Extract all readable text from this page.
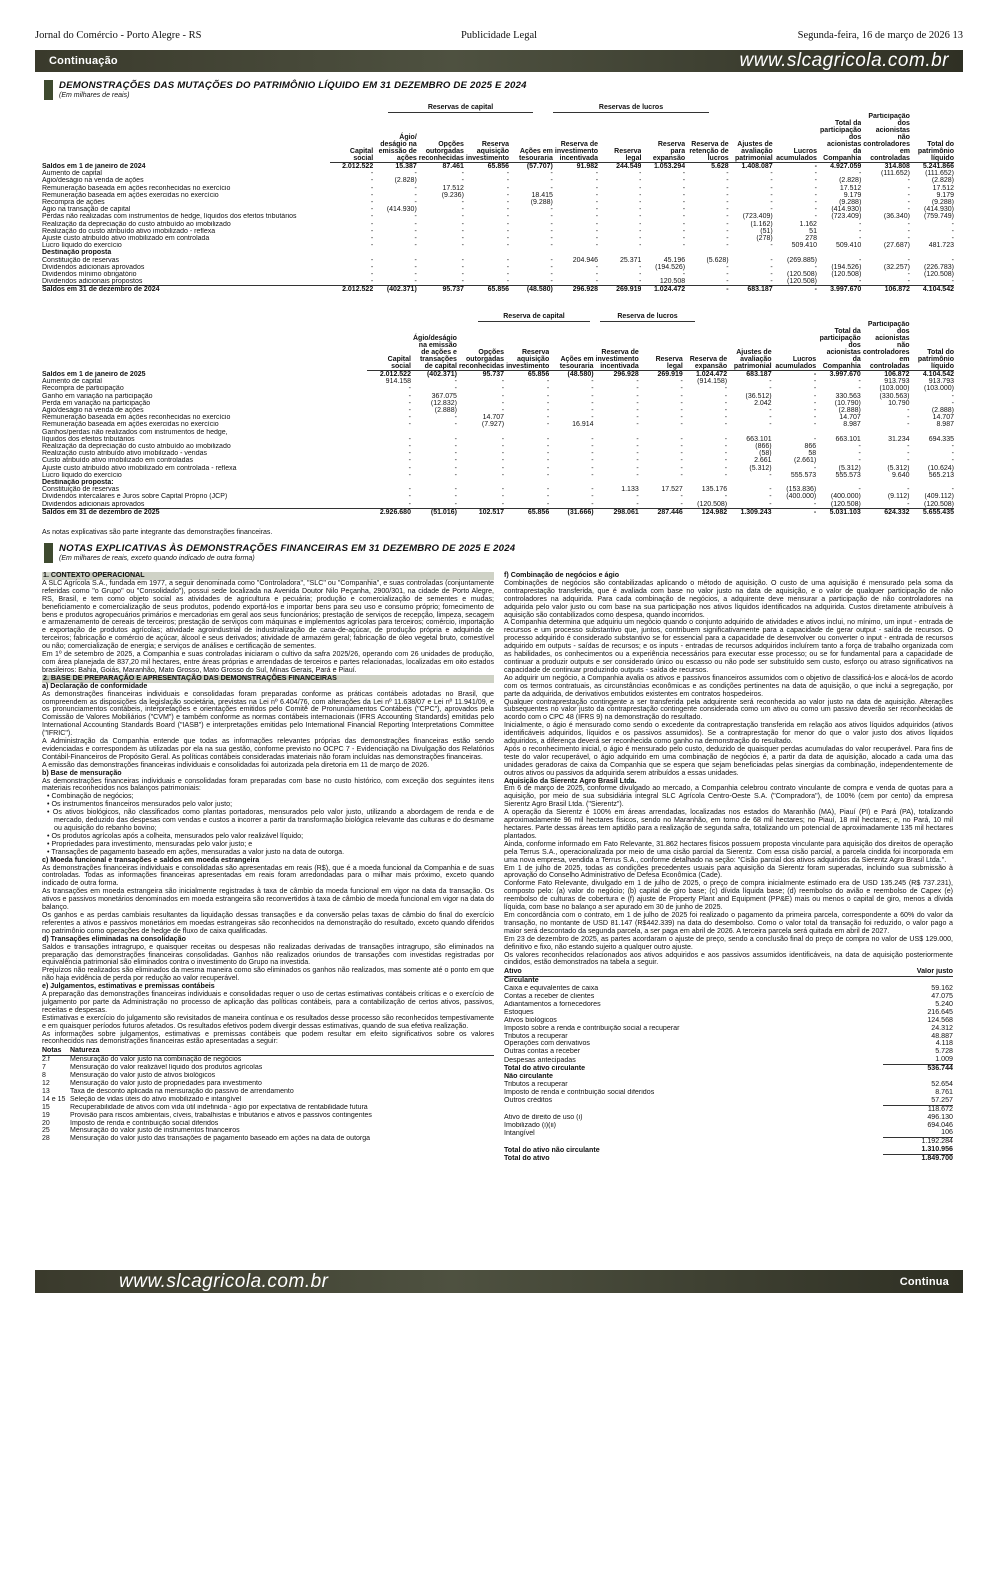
Jornal do Comércio - Porto Alegre - RS	Publicidade Legal	Segunda-feira, 16 de março de 2026 13
Continuação	www.slcagricola.com.br
DEMONSTRAÇÕES DAS MUTAÇÕES DO PATRIMÔNIO LÍQUIDO EM 31 DEZEMBRO DE 2025 E 2024
(Em milhares de reais)
Reservas de capital	Reservas de lucros
	Capital social	Ágio/ deságio na emissão de ações	Opções outorgadas reconhecidas	Reserva aquisição investimento	Ações em tesouraria	Reserva de investimento incentivada	Reserva legal	Reserva para expansão	Reserva de retenção de lucros	Ajustes de avaliação patrimonial	Lucros acumulados	Total da participação dos acionistas da Companhia	Participação dos acionistas não controladores em controladas	Total do patrimônio líquido
Saldos em 1 de janeiro de 2024	2.012.522	15.387	87.461	65.856	(57.707)	91.982	244.549	1.053.294	5.628	1.408.087	-	4.927.059	314.808	5.241.866
Aumento de capital	-	-	-	-	-	-	-	-	-	-	-	-	(111.652)	(111.652)
Ágio/deságio na venda de ações	-	(2.828)	-	-	-	-	-	-	-	-	-	(2.828)	-	(2.828)
Remuneração baseada em ações reconhecidas no exercício	-	-	17.512	-	-	-	-	-	-	-	-	17.512	-	17.512
Remuneração baseada em ações exercidas no exercício	-	-	(9.236)	-	18.415	-	-	-	-	-	-	9.179	-	9.179
Recompra de ações	-	-	-	-	(9.288)	-	-	-	-	-	-	(9.288)	-	(9.288)
Ágio na transação de capital	-	(414.930)	-	-	-	-	-	-	-	-	-	(414.930)	-	(414.930)
Perdas não realizadas com instrumentos de hedge, líquidos dos efeitos tributários	-	-	-	-	-	-	-	-	-	(723.409)	-	(723.409)	(36.340)	(759.749)
Realização da depreciação do custo atribuído ao imobilizado	-	-	-	-	-	-	-	-	-	(1.162)	1.162	-	-	-
Realização do custo atribuído ativo imobilizado - reflexa	-	-	-	-	-	-	-	-	-	(51)	51	-	-	-
Ajuste custo atribuído ativo imobilizado em controlada	-	-	-	-	-	-	-	-	-	(278)	278	-	-	-
Lucro líquido do exercício	-	-	-	-	-	-	-	-	-	-	509.410	509.410	(27.687)	481.723
Destinação proposta														
Constituição de reservas	-	-	-	-	-	204.946	25.371	45.196	(5.628)	-	(269.885)	-	-	-
Dividendos adicionais aprovados	-	-	-	-	-	-	-	(194.526)	-	-	-	(194.526)	(32.257)	(226.783)
Dividendos mínimo obrigatório	-	-	-	-	-	-	-	-	-	-	(120.508)	(120.508)	-	(120.508)
Dividendos adicionais propostos	-	-	-	-	-	-	-	120.508	-	-	(120.508)	-	-	-
Saldos em 31 de dezembro de 2024	2.012.522	(402.371)	95.737	65.856	(48.580)	296.928	269.919	1.024.472	-	683.187	-	3.997.670	106.872	4.104.542
Reserva de capital	Reserva de lucros
	Capital social	Ágio/deságio na emissão de ações e transações de capital	Opções outorgadas reconhecidas	Reserva aquisição investimento	Ações em tesouraria	Reserva de investimento incentivada	Reserva legal	Reserva de expansão	Ajustes de avaliação patrimonial	Lucros acumulados	Total da participação dos acionistas da Companhia	Participação dos acionistas não controladores em controladas	Total do patrimônio líquido
Saldos em 1 de janeiro de 2025	2.012.522	(402.371)	95.737	65.856	(48.580)	296.928	269.919	1.024.472	683.187	-	3.997.670	106.872	4.104.542
Aumento de capital	914.158	-	-	-	-	-	-	(914.158)	-	-	-	913.793	913.793
Recompra de participação	-	-	-	-	-	-	-	-	-	-	-	(103.000)	(103.000)
Ganho em variação na participação	-	367.075	-	-	-	-	-	-	(36.512)	-	330.563	(330.563)	-
Perda em variação na participação	-	(12.832)	-	-	-	-	-	-	2.042	-	(10.790)	10.790	-
Ágio/deságio na venda de ações	-	(2.888)	-	-	-	-	-	-	-	-	(2.888)	-	(2.888)
Remuneração baseada em ações reconhecidas no exercício	-	-	14.707	-	-	-	-	-	-	-	14.707	-	14.707
Remuneração baseada em ações exercidas no exercício	-	-	(7.927)	-	16.914	-	-	-	-	-	8.987	-	8.987
Ganhos/perdas não realizados com instrumentos de hedge,													
líquidos dos efeitos tributários	-	-	-	-	-	-	-	-	663.101	-	663.101	31.234	694.335
Realização da depreciação do custo atribuído ao imobilizado	-	-	-	-	-	-	-	-	(866)	866	-	-	-
Realização custo atribuído ativo imobilizado - vendas	-	-	-	-	-	-	-	-	(58)	58	-	-	-
Custo atribuído ativo imobilizado em controladas	-	-	-	-	-	-	-	-	2.661	(2.661)	-	-	-
Ajuste custo atribuído ativo imobilizado em controlada - reflexa	-	-	-	-	-	-	-	-	(5.312)	-	(5.312)	(5.312)	(10.624)
Lucro líquido do exercício	-	-	-	-	-	-	-	-	-	555.573	555.573	9.640	565.213
Destinação proposta:													
Constituição de reservas	-	-	-	-	-	1.133	17.527	135.176	-	(153.836)	-	-	-
Dividendos intercalares e Juros sobre Capital Próprio (JCP)	-	-	-	-	-	-	-	-	-	(400.000)	(400.000)	(9.112)	(409.112)
Dividendos adicionais aprovados	-	-	-	-	-	-	-	(120.508)	-	-	(120.508)	-	(120.508)
Saldos em 31 de dezembro de 2025	2.926.680	(51.016)	102.517	65.856	(31.666)	298.061	287.446	124.982	1.309.243	-	5.031.103	624.332	5.655.435
As notas explicativas são parte integrante das demonstrações financeiras.
NOTAS EXPLICATIVAS ÀS DEMONSTRAÇÕES FINANCEIRAS EM 31 DEZEMBRO DE 2025 E 2024
(Em milhares de reais, exceto quando indicado de outra forma)

1. CONTEXTO OPERACIONAL

A SLC Agrícola S.A., fundada em 1977, a seguir denominada como "Controladora", "SLC" ou "Companhia", e suas controladas (conjuntamente referidas como "o Grupo" ou "Consolidado"), possui sede localizada na Avenida Doutor Nilo Peçanha, 2900/301, na cidade de Porto Alegre, RS, Brasil, e tem como objeto social as atividades de agricultura e pecuária; produção e comercialização de sementes e mudas; beneficiamento e comercialização de seus produtos, podendo exportá-los e importar bens para seu uso e consumo próprio; fornecimento de bens e produtos agropecuários primários e mercadorias em geral aos seus funcionários; prestação de serviços de recepção, limpeza, secagem e armazenamento de cereais de terceiros; prestação de serviços com máquinas e implementos agrícolas para terceiros; comércio, importação e exportação de produtos agrícolas; atividade agroindustrial de industrialização de cana-de-açúcar, de produção própria e adquirida de terceiros; fabricação e comércio de açúcar, álcool e seus derivados; atividade de armazém geral; fabricação de óleo vegetal bruto, comestível ou não; comercialização de energia; e serviços de análises e certificação de sementes.

Em 1º de setembro de 2025, a Companhia e suas controladas iniciaram o cultivo da safra 2025/26, operando com 26 unidades de produção, com área planejada de 837,20 mil hectares, entre áreas próprias e arrendadas de terceiros e partes relacionadas, localizadas em oito estados brasileiros: Bahia, Goiás, Maranhão, Mato Grosso, Mato Grosso do Sul, Minas Gerais, Pará e Piauí.

2. BASE DE PREPARAÇÃO E APRESENTAÇÃO DAS DEMONSTRAÇÕES FINANCEIRAS

a) Declaração de conformidade

As demonstrações financeiras individuais e consolidadas foram preparadas conforme as práticas contábeis adotadas no Brasil, que compreendem as disposições da legislação societária, previstas na Lei nº 6.404/76, com alterações da Lei nº 11.638/07 e Lei nº 11.941/09, e os pronunciamentos contábeis, interpretações e orientações emitidos pelo Comitê de Pronunciamentos Contábeis ("CPC"), aprovados pela Comissão de Valores Mobiliários ("CVM") e também conforme as normas contábeis internacionais (IFRS Accounting Standards) emitidas pelo International Accounting Standards Board ("IASB") e interpretações emitidas pelo International Financial Reporting Interpretations Committee ("IFRIC").

A Administração da Companhia entende que todas as informações relevantes próprias das demonstrações financeiras estão sendo evidenciadas e correspondem às utilizadas por ela na sua gestão, conforme previsto no OCPC 7 - Evidenciação na Divulgação dos Relatórios Contábil-Financeiros de Propósito Geral. As políticas contábeis consideradas imateriais não foram incluídas nas demonstrações financeiras.

A emissão das demonstrações financeiras individuais e consolidadas foi autorizada pela diretoria em 11 de março de 2026.

b) Base de mensuração

As demonstrações financeiras individuais e consolidadas foram preparadas com base no custo histórico, com exceção dos seguintes itens materiais reconhecidos nos balanços patrimoniais:

• Combinação de negócios;
• Os instrumentos financeiros mensurados pelo valor justo;
• Os ativos biológicos, não classificados como plantas portadoras, mensurados pelo valor justo, utilizando a abordagem de renda e de mercado, deduzido das despesas com vendas e custos a incorrer a partir da transformação biológica relevante das culturas e do desmame ou aquisição do rebanho bovino;
• Os produtos agrícolas após a colheita, mensurados pelo valor realizável líquido;
• Propriedades para investimento, mensuradas pelo valor justo; e
• Transações de pagamento baseado em ações, mensuradas a valor justo na data de outorga.

c) Moeda funcional e transações e saldos em moeda estrangeira

As demonstrações financeiras individuais e consolidadas são apresentadas em reais (R$), que é a moeda funcional da Companhia e de suas controladas. Todas as informações financeiras apresentadas em reais foram arredondadas para o milhar mais próximo, exceto quando indicado de outra forma.

As transações em moeda estrangeira são inicialmente registradas à taxa de câmbio da moeda funcional em vigor na data da transação. Os ativos e passivos monetários denominados em moeda estrangeira são reconvertidos à taxa de câmbio de moeda funcional em vigor na data do balanço.

Os ganhos e as perdas cambiais resultantes da liquidação dessas transações e da conversão pelas taxas de câmbio do final do exercício referentes a ativos e passivos monetários em moedas estrangeiras são reconhecidos na demonstração do resultado, exceto quando diferidos no patrimônio como operações de hedge de fluxo de caixa qualificadas.

d) Transações eliminadas na consolidação

Saldos e transações intragrupo, e quaisquer receitas ou despesas não realizadas derivadas de transações intragrupo, são eliminados na preparação das demonstrações financeiras consolidadas. Ganhos não realizados oriundos de transações com investidas registradas por equivalência patrimonial são eliminados contra o investimento do Grupo na investida.

Prejuízos não realizados são eliminados da mesma maneira como são eliminados os ganhos não realizados, mas somente até o ponto em que não haja evidência de perda por redução ao valor recuperável.

e) Julgamentos, estimativas e premissas contábeis

A preparação das demonstrações financeiras individuais e consolidadas requer o uso de certas estimativas contábeis críticas e o exercício de julgamento por parte da Administração no processo de aplicação das políticas contábeis, para a contabilização de certos ativos, passivos, receitas e despesas.

Estimativas e exercício do julgamento são revisitados de maneira contínua e os resultados desse processo são reconhecidos tempestivamente e em quaisquer períodos futuros afetados. Os resultados efetivos podem divergir dessas estimativas, quando de sua efetiva realização.

As informações sobre julgamentos, estimativas e premissas contábeis que podem resultar em efeito significativos sobre os valores reconhecidos nas demonstrações financeiras estão apresentadas a seguir:

Notas	Natureza
2.f	Mensuração do valor justo na combinação de negócios
7	Mensuração do valor realizável líquido dos produtos agrícolas
8	Mensuração do valor justo de ativos biológicos
12	Mensuração do valor justo de propriedades para investimento
13	Taxa de desconto aplicada na mensuração do passivo de arrendamento
14 e 15	Seleção de vidas úteis do ativo imobilizado e intangível
15	Recuperabilidade de ativos com vida útil indefinida - ágio por expectativa de rentabilidade futura
19	Provisão para riscos ambientais, cíveis, trabalhistas e tributários e ativos e passivos contingentes
20	Imposto de renda e contribuição social diferidos
25	Mensuração do valor justo de instrumentos financeiros
28	Mensuração do valor justo das transações de pagamento baseado em ações na data de outorga

f) Combinação de negócios e ágio

Combinações de negócios são contabilizadas aplicando o método de aquisição. O custo de uma aquisição é mensurado pela soma da contraprestação transferida, que é avaliada com base no valor justo na data de aquisição, e o valor de qualquer participação de não controladores na adquirida. Para cada combinação de negócios, a adquirente deve mensurar a participação de não controladores na adquirida pelo valor justo ou com base na sua participação nos ativos líquidos identificados na adquirida. Custos diretamente atribuíveis à aquisição são contabilizados como despesa, quando incorridos.

A Companhia determina que adquiriu um negócio quando o conjunto adquirido de atividades e ativos inclui, no mínimo, um input - entrada de recursos e um processo substantivo que, juntos, contribuem significativamente para a capacidade de gerar output - saída de recursos. O processo adquirido é considerado substantivo se for essencial para a capacidade de desenvolver ou converter o input - entrada de recursos adquirido em outputs - saídas de recursos; e os inputs - entradas de recursos adquiridos incluírem tanto a força de trabalho organizada com as habilidades, os conhecimentos ou a experiência necessários para executar esse processo; ou se for fundamental para a capacidade de continuar a produzir outputs e ser considerado único ou escasso ou não pode ser substituído sem custo, esforço ou atraso significativos na capacidade de continuar produzindo outputs - saída de recursos.

Ao adquirir um negócio, a Companhia avalia os ativos e passivos financeiros assumidos com o objetivo de classificá-los e alocá-los de acordo com os termos contratuais, as circunstâncias econômicas e as condições pertinentes na data de aquisição, o que inclui a segregação, por parte da adquirida, de derivativos embutidos existentes em contratos hospedeiros.

Qualquer contraprestação contingente a ser transferida pela adquirente será reconhecida ao valor justo na data de aquisição. Alterações subsequentes no valor justo da contraprestação contingente considerada como um ativo ou como um passivo deverão ser reconhecidas de acordo com o CPC 48 (IFRS 9) na demonstração do resultado.

Inicialmente, o ágio é mensurado como sendo o excedente da contraprestação transferida em relação aos ativos líquidos adquiridos (ativos identificáveis adquiridos, líquidos e os passivos assumidos). Se a contraprestação for menor do que o valor justo dos ativos líquidos adquiridos, a diferença deverá ser reconhecida como ganho na demonstração do resultado.

Após o reconhecimento inicial, o ágio é mensurado pelo custo, deduzido de quaisquer perdas acumuladas do valor recuperável. Para fins de teste do valor recuperável, o ágio adquirido em uma combinação de negócios é, a partir da data de aquisição, alocado a cada uma das unidades geradoras de caixa da Companhia que se espera que sejam beneficiadas pelas sinergias da combinação, independentemente de outros ativos ou passivos da adquirida serem atribuídos a essas unidades.

Aquisição da Sierentz Agro Brasil Ltda.

Em 6 de março de 2025, conforme divulgado ao mercado, a Companhia celebrou contrato vinculante de compra e venda de quotas para a aquisição, por meio de sua subsidiária integral SLC Agrícola Centro-Oeste S.A. ("Compradora"), de 100% (cem por cento) da empresa Sierentz Agro Brasil Ltda. ("Sierentz").

A operação da Sierentz é 100% em áreas arrendadas, localizadas nos estados do Maranhão (MA), Piauí (PI) e Pará (PA), totalizando aproximadamente 96 mil hectares físicos, sendo no Maranhão, em torno de 68 mil hectares; no Piauí, 18 mil hectares; e, no Pará, 10 mil hectares. Parte dessas áreas tem aptidão para a realização de segunda safra, totalizando um potencial de aproximadamente 135 mil hectares plantados.

Ainda, conforme informado em Fato Relevante, 31.862 hectares físicos possuem proposta vinculante para aquisição dos direitos de operação pela Terrus S.A., operacionalizada por meio de uma cisão parcial da Sierentz. Com essa cisão parcial, a parcela cindida foi incorporada em uma nova empresa, vendida a Terrus S.A., conforme detalhado na seção: "Cisão parcial dos ativos adquiridos da Sierentz Agro Brasil Ltda.".

Em 1 de julho de 2025, todas as condições precedentes usuais para aquisição da Sierentz foram superadas, incluindo sua submissão à aprovação do Conselho Administrativo de Defesa Econômica (Cade).

Conforme Fato Relevante, divulgado em 1 de julho de 2025, o preço de compra inicialmente estimado era de USD 135.245 (R$ 737.231), composto pelo: (a) valor do negócio; (b) capital de giro base; (c) dívida líquida base; (d) reembolso do avião e reembolso de Capex (e) reembolso de culturas de cobertura e (f) ajuste de Property Plant and Equipment (PP&E) mais ou menos o capital de giro, menos a dívida líquida, com base no balanço a ser apurado em 30 de junho de 2025.

Em concordância com o contrato, em 1 de julho de 2025 foi realizado o pagamento da primeira parcela, correspondente a 60% do valor da transação, no montante de USD 81.147 (R$442.339) na data do desembolso. Como o valor total da transação foi reduzido, o valor pago a maior será descontado da segunda parcela, a ser paga em abril de 2026. A terceira parcela será quitada em abril de 2027.

Em 23 de dezembro de 2025, as partes acordaram o ajuste de preço, sendo a conclusão final do preço de compra no valor de US$ 129.000, definitivo e fixo, não estando sujeito a qualquer outro ajuste.

Os valores reconhecidos relacionados aos ativos adquiridos e aos passivos assumidos identificáveis, na data de aquisição posteriormente cindidos, estão demonstrados na tabela a seguir.

Ativo	Valor justo
Circulante	
Caixa e equivalentes de caixa	59.162
Contas a receber de clientes	47.075
Adiantamentos a fornecedores	5.240
Estoques	216.645
Ativos biológicos	124.568
Imposto sobre a renda e contribuição social a recuperar	24.312
Tributos a recuperar	48.887
Operações com derivativos	4.118
Outras contas a receber	5.728
Despesas antecipadas	1.009
Total do ativo circulante	536.744
Não circulante	
Tributos a recuperar	52.654
Imposto de renda e contribuição social diferidos	8.761
Outros créditos	57.257
	118.672
Ativo de direito de uso (i)	496.130
Imobilizado (i)(ii)	694.046
Intangível	106
	1.192.284
Total do ativo não circulante	1.310.956
Total do ativo	1.849.700
www.slcagricola.com.br	Continua
